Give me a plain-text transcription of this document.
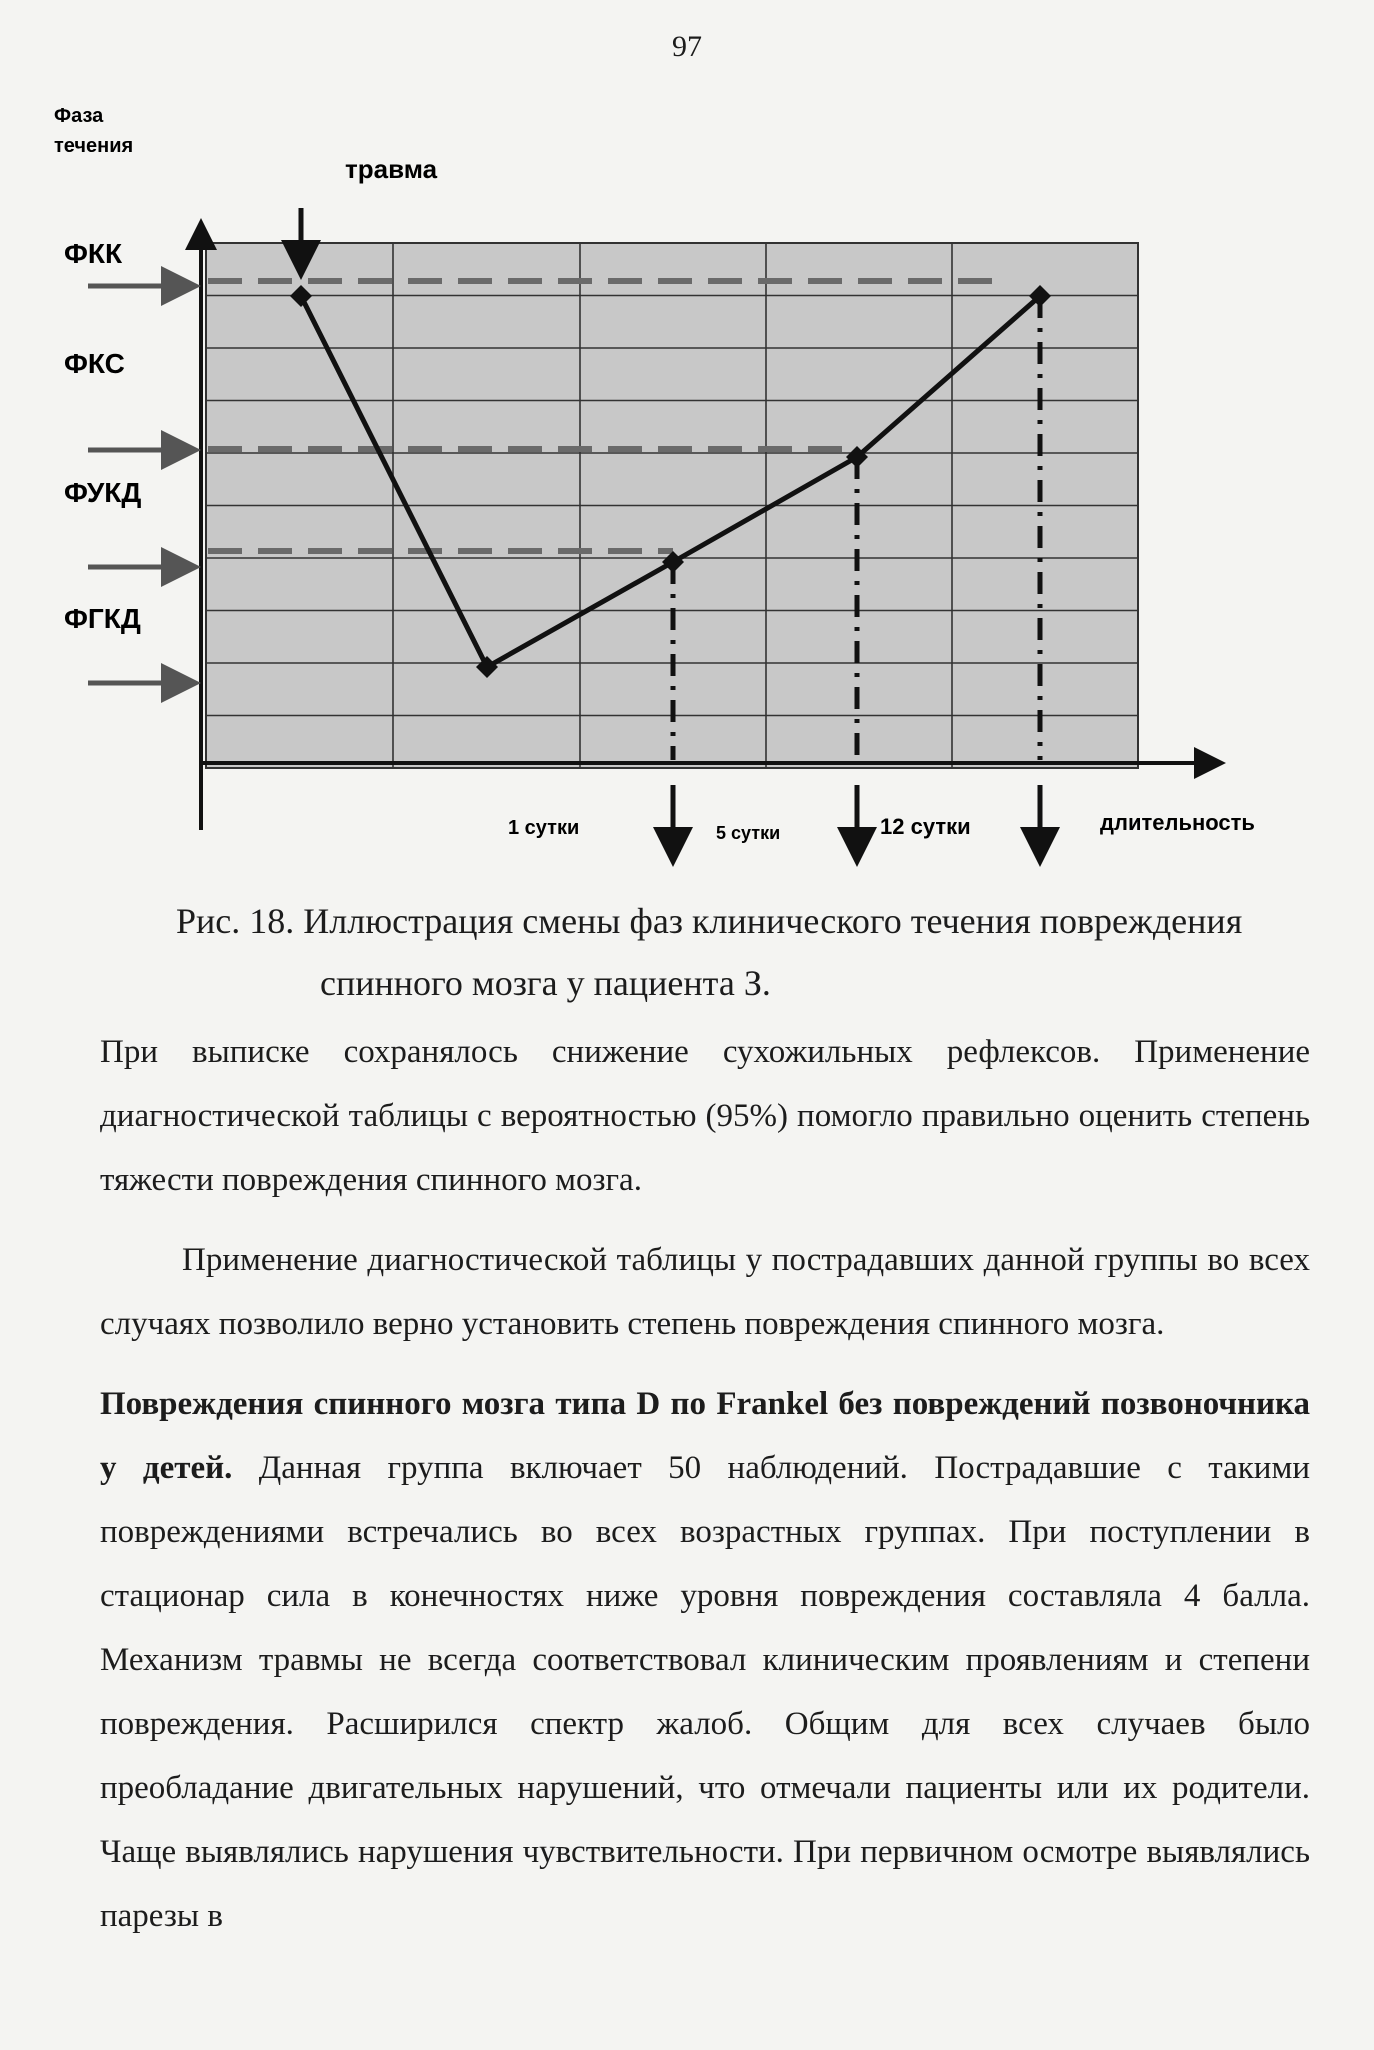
97
Фаза
течения
травма
ФКК
ФКС
ФУКД
ФГКД
1 сутки	5 сутки	12 сутки	длительность
Рис. 18. Иллюстрация смены фаз клинического течения повреждения
спинного мозга у пациента З.

При выписке сохранялось снижение сухожильных рефлексов. Применение диагностической таблицы с вероятностью (95%) помогло правильно оценить степень тяжести повреждения спинного мозга.

Применение диагностической таблицы у пострадавших данной группы во всех случаях позволило верно установить степень повреждения спинного мозга.

Повреждения спинного мозга типа D по Frankel без повреждений позвоночника у детей. Данная группа включает 50 наблюдений. Пострадавшие с такими повреждениями встречались во всех возрастных группах. При поступлении в стационар сила в конечностях ниже уровня повреждения составляла 4 балла. Механизм травмы не всегда соответствовал клиническим проявлениям и степени повреждения. Расширился спектр жалоб. Общим для всех случаев было преобладание двигательных нарушений, что отмечали пациенты или их родители. Чаще выявлялись нарушения чувствительности. При первичном осмотре выявлялись парезы в
